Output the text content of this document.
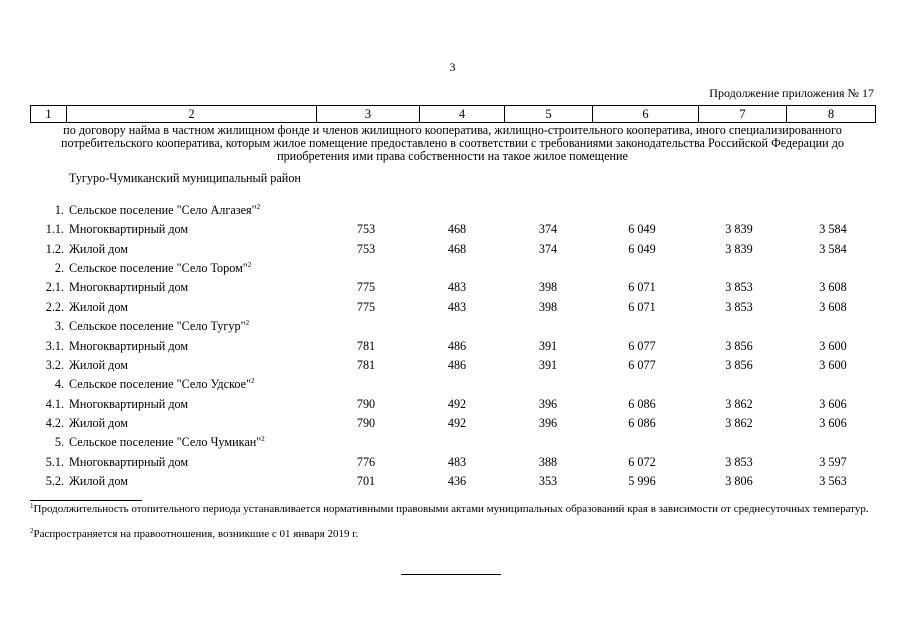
3
Продолжение приложения № 17
1	2	3	4	5	6	7	8
по договору найма в частном жилищном фонде и членов жилищного кооператива, жилищно-строительного кооператива, иного специализированного потребительского кооператива, которым жилое помещение предоставлено в соответствии с требованиями законодательства Российской Федерации до приобретения ими права собственности на такое жилое помещение
Тугуро-Чумиканский муниципальный район
1. Сельское поселение "Село Алгазея"$^2$
1.1. Многоквартирный дом	753	468	374	6 049	3 839	3 584
1.2. Жилой дом	753	468	374	6 049	3 839	3 584
2. Сельское поселение "Село Тором"$^2$
2.1. Многоквартирный дом	775	483	398	6 071	3 853	3 608
2.2. Жилой дом	775	483	398	6 071	3 853	3 608
3. Сельское поселение "Село Тугур"$^2$
3.1. Многоквартирный дом	781	486	391	6 077	3 856	3 600
3.2. Жилой дом	781	486	391	6 077	3 856	3 600
4. Сельское поселение "Село Удское"$^2$
4.1. Многоквартирный дом	790	492	396	6 086	3 862	3 606
4.2. Жилой дом	790	492	396	6 086	3 862	3 606
5. Сельское поселение "Село Чумикан"$^2$
5.1. Многоквартирный дом	776	483	388	6 072	3 853	3 597
5.2. Жилой дом	701	436	353	5 996	3 806	3 563
$^1$Продолжительность отопительного периода устанавливается нормативными правовыми актами муниципальных образований края в зависимости от среднесуточных температур.
$^2$Распространяется на правоотношения, возникшие с 01 января 2019 г.
